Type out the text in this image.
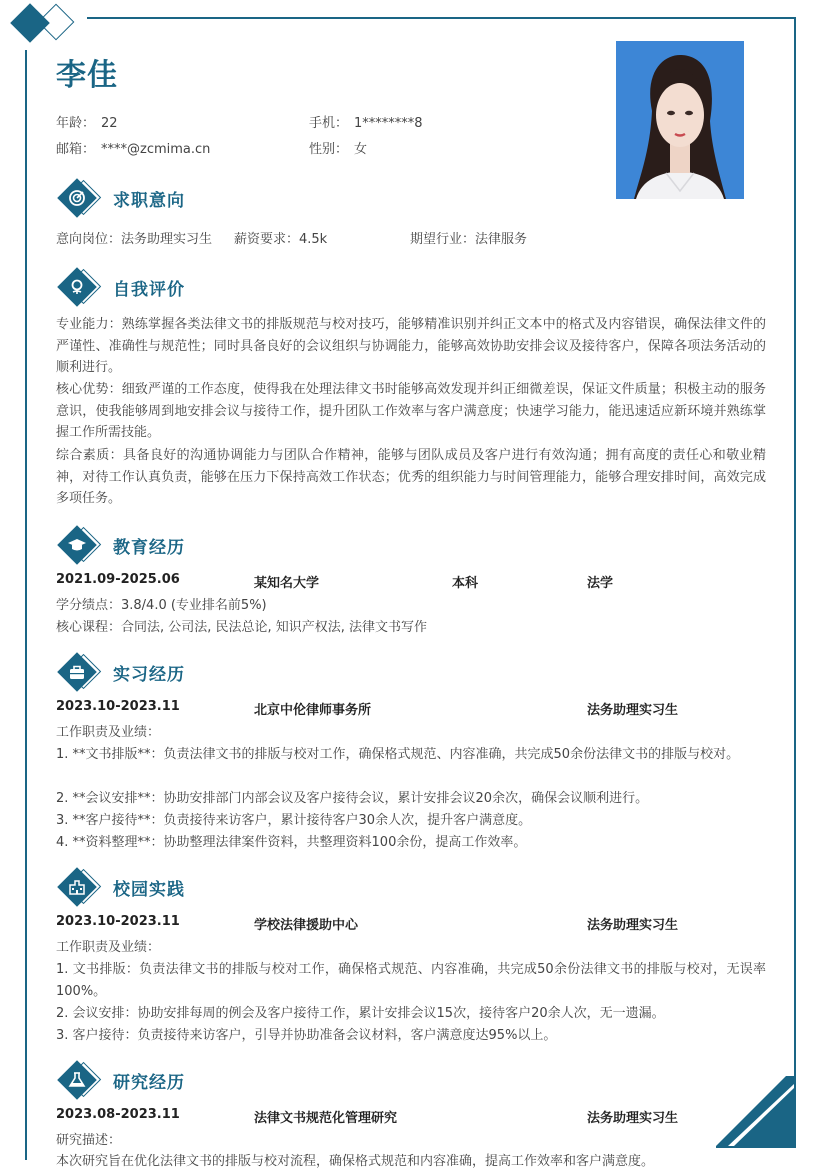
李佳
年龄： 22	手机： 1********8
邮箱： ****@zcmima.cn	性别： 女
求职意向
意向岗位：法务助理实习生 薪资要求：4.5k	期望行业：法律服务
自我评价
专业能力：熟练掌握各类法律文书的排版规范与校对技巧，能够精准识别并纠正文本中的格式及内容错误，确保法律文件的严谨性、准确性与规范性；同时具备良好的会议组织与协调能力，能够高效协助安排会议及接待客户，保障各项法务活动的顺利进行。
核心优势：细致严谨的工作态度，使得我在处理法律文书时能够高效发现并纠正细微差误，保证文件质量；积极主动的服务意识，使我能够周到地安排会议与接待工作，提升团队工作效率与客户满意度；快速学习能力，能迅速适应新环境并熟练掌握工作所需技能。
综合素质：具备良好的沟通协调能力与团队合作精神，能够与团队成员及客户进行有效沟通；拥有高度的责任心和敬业精神，对待工作认真负责，能够在压力下保持高效工作状态；优秀的组织能力与时间管理能力，能够合理安排时间，高效完成多项任务。
教育经历
2021.09-2025.06	某知名大学	本科	法学
学分绩点：3.8/4.0 (专业排名前5%)
核心课程：合同法, 公司法, 民法总论, 知识产权法, 法律文书写作
实习经历
2023.10-2023.11	北京中伦律师事务所	法务助理实习生
工作职责及业绩：
1. **文书排版**：负责法律文书的排版与校对工作，确保格式规范、内容准确，共完成50余份法律文书的排版与校对。
2. **会议安排**：协助安排部门内部会议及客户接待会议，累计安排会议20余次，确保会议顺利进行。
3. **客户接待**：负责接待来访客户，累计接待客户30余人次，提升客户满意度。
4. **资料整理**：协助整理法律案件资料，共整理资料100余份，提高工作效率。
校园实践
2023.10-2023.11	学校法律援助中心	法务助理实习生
工作职责及业绩：
1. 文书排版：负责法律文书的排版与校对工作，确保格式规范、内容准确，共完成50余份法律文书的排版与校对，无误率100%。
2. 会议安排：协助安排每周的例会及客户接待工作，累计安排会议15次，接待客户20余人次，无一遗漏。
3. 客户接待：负责接待来访客户，引导并协助准备会议材料，客户满意度达95%以上。
研究经历
2023.08-2023.11	法律文书规范化管理研究	法务助理实习生
研究描述：
本次研究旨在优化法律文书的排版与校对流程，确保格式规范和内容准确，提高工作效率和客户满意度。
